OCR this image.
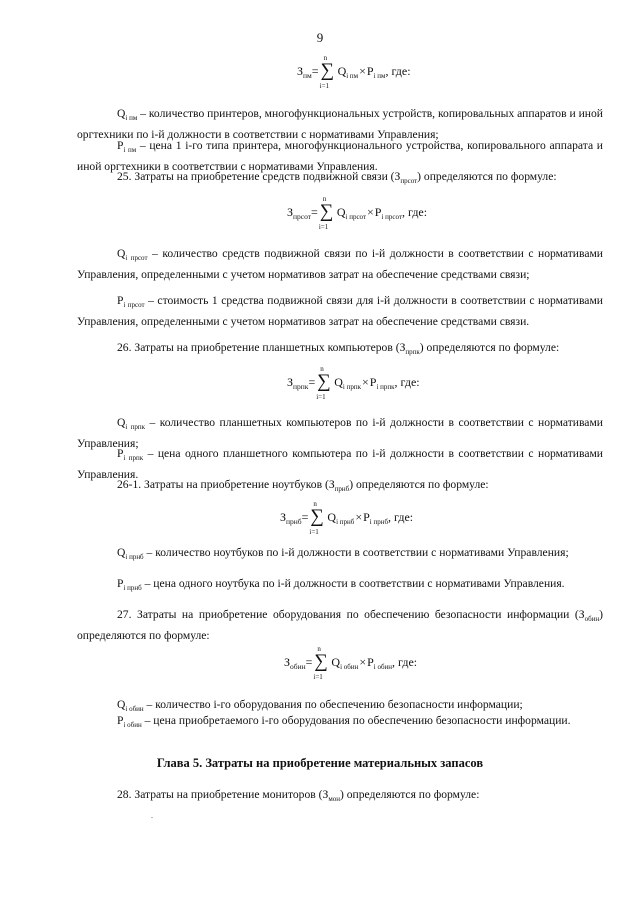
9
$З_{пм}=$
n
∑
i=1
$Q_{i пм}\times P_{i пм}$, где:
$Q_{i пм}$ – количество принтеров, многофункциональных устройств, копировальных аппаратов и иной оргтехники по i-й должности в соответствии с нормативами Управления;
$P_{i пм}$ – цена 1 i-го типа принтера, многофункционального устройства, копировального аппарата и иной оргтехники в соответствии с нормативами Управления.
25. Затраты на приобретение средств подвижной связи $(З_{прсот})$ определяются по формуле:
$З_{прсот}=$
n
∑
i=1
$Q_{i прсот}\times P_{i прсот}$, где:
$Q_{i прсот}$ – количество средств подвижной связи по i-й должности в соответствии с нормативами Управления, определенными с учетом нормативов затрат на обеспечение средствами связи;
$P_{i прсот}$ – стоимость 1 средства подвижной связи для i-й должности в соответствии с нормативами Управления, определенными с учетом нормативов затрат на обеспечение средствами связи.
26. Затраты на приобретение планшетных компьютеров $(З_{прпк})$ определяются по формуле:
$З_{прпк}=$
n
∑
i=1
$Q_{i прпк}\times P_{i прпк}$, где:
$Q_{i прпк}$ – количество планшетных компьютеров по i-й должности в соответствии с нормативами Управления;
$P_{i прпк}$ – цена одного планшетного компьютера по i-й должности в соответствии с нормативами Управления.
26-1. Затраты на приобретение ноутбуков $(З_{прнб})$ определяются по формуле:
$З_{прнб}=$
n
∑
i=1
$Q_{i прнб}\times P_{i прнб}$, где:
$Q_{i прнб}$ – количество ноутбуков по i-й должности в соответствии с нормативами Управления;
$P_{i прнб}$ – цена одного ноутбука по i-й должности в соответствии с нормативами Управления.
27. Затраты на приобретение оборудования по обеспечению безопасности информации $(З_{обин})$ определяются по формуле:
$З_{обин}=$
n
∑
i=1
$Q_{i обин}\times P_{i обин}$, где:
$Q_{i обин}$ – количество i-го оборудования по обеспечению безопасности информации;
$P_{i обин}$ – цена приобретаемого i-го оборудования по обеспечению безопасности информации.
Глава 5. Затраты на приобретение материальных запасов
28. Затраты на приобретение мониторов $(З_{мон})$ определяются по формуле:
